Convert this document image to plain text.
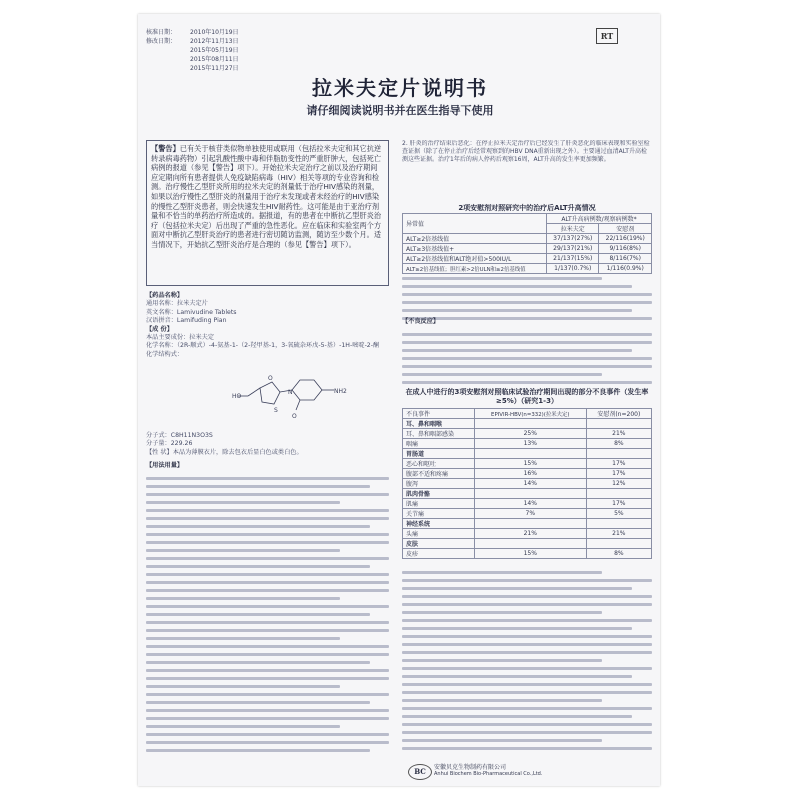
核准日期：	2010年10月19日
修改日期：	2012年11月13日
2015年05月19日
2015年08月11日
2015年11月27日
RT
拉米夫定片说明书
请仔细阅读说明书并在医生指导下使用
【警告】已有关于核苷类似物单独使用或联用（包括拉米夫定和其它抗逆转录病毒药物）引起乳酸性酸中毒和伴脂肪变性的严重肝肿大，包括死亡病例的报道（参见【警告】项下）。开始拉米夫定治疗之前以及治疗期间应定期向所有患者提供人免疫缺陷病毒（HIV）相关等项的专业咨询和检测。治疗慢性乙型肝炎所用的拉米夫定的剂量低于治疗HIV感染的剂量，如果以治疗慢性乙型肝炎的剂量用于治疗未发现或者未经治疗的HIV感染的慢性乙型肝炎患者，则会快速发生HIV耐药性。这可能是由于亚治疗剂量和不恰当的单药治疗所造成的。据报道，有的患者在中断抗乙型肝炎治疗（包括拉米夫定）后出现了严重的急性恶化。应在临床和实验室两个方面对中断抗乙型肝炎治疗的患者进行密切随访监测，随访至少数个月。适当情况下，开始抗乙型肝炎治疗是合理的（参见【警告】项下）。
【药品名称】
通用名称：拉米夫定片
英文名称：Lamivudine Tablets
汉语拼音：Lamifuding Pian
【成 份】
本品主要成份：拉米夫定
化学名称：（2R-顺式）-4-氨基-1-（2-羟甲基-1，3-氧硫杂环戊-5-基）-1H-嘧啶-2-酮
化学结构式：
HO
S
O
O
NH2
N
分子式：C8H11N3O3S
分子量：229.26
【性 状】本品为薄膜衣片，除去包衣后显白色或类白色。
【用法用量】
2. 肝炎的治疗结束后恶化：在停止拉米夫定治疗后已经发生了肝炎恶化的临床表现和实验室检查证据（除了在停止治疗后经常观察到的HBV DNA重新出现之外）。主要通过血清ALT升高检测这些证据。治疗1年后的病人停药后观察16周，ALT升高的发生率更加频繁。
2项安慰剂对照研究中的治疗后ALT升高情况
异常值	ALT升高病例数/观察病例数*	
	拉米夫定	安慰剂
ALT≥2倍基线值	37/137(27%)	22/116(19%)
ALT≥3倍基线值+	29/137(21%)	9/116(8%)
ALT≥2倍基线值和ALT绝对值>500IU/L	21/137(15%)	8/116(7%)
ALT≥2倍基线值；胆红素>2倍ULN和≥2倍基线值	1/137(0.7%)	1/116(0.9%)
【不良反应】
在成人中进行的3项安慰剂对照临床试验治疗期间出现的部分不良事件（发生率≥5%）（研究1-3）
不良事件	EPIVIR-HBV(n=332)(拉米夫定)	安慰剂(n=200)
耳、鼻和咽喉		
耳、鼻和咽部感染	25%	21%
咽痛	13%	8%
胃肠道		
恶心和呕吐	15%	17%
腹部不适和疼痛	16%	17%
腹泻	14%	12%
肌肉骨骼		
肌痛	14%	17%
关节痛	7%	5%
神经系统		
头痛	21%	21%
皮肤		
皮疹	15%	8%
BC	安徽贝克生物制药有限公司
Anhui Biochem Bio-Pharmaceutical Co.,Ltd.
